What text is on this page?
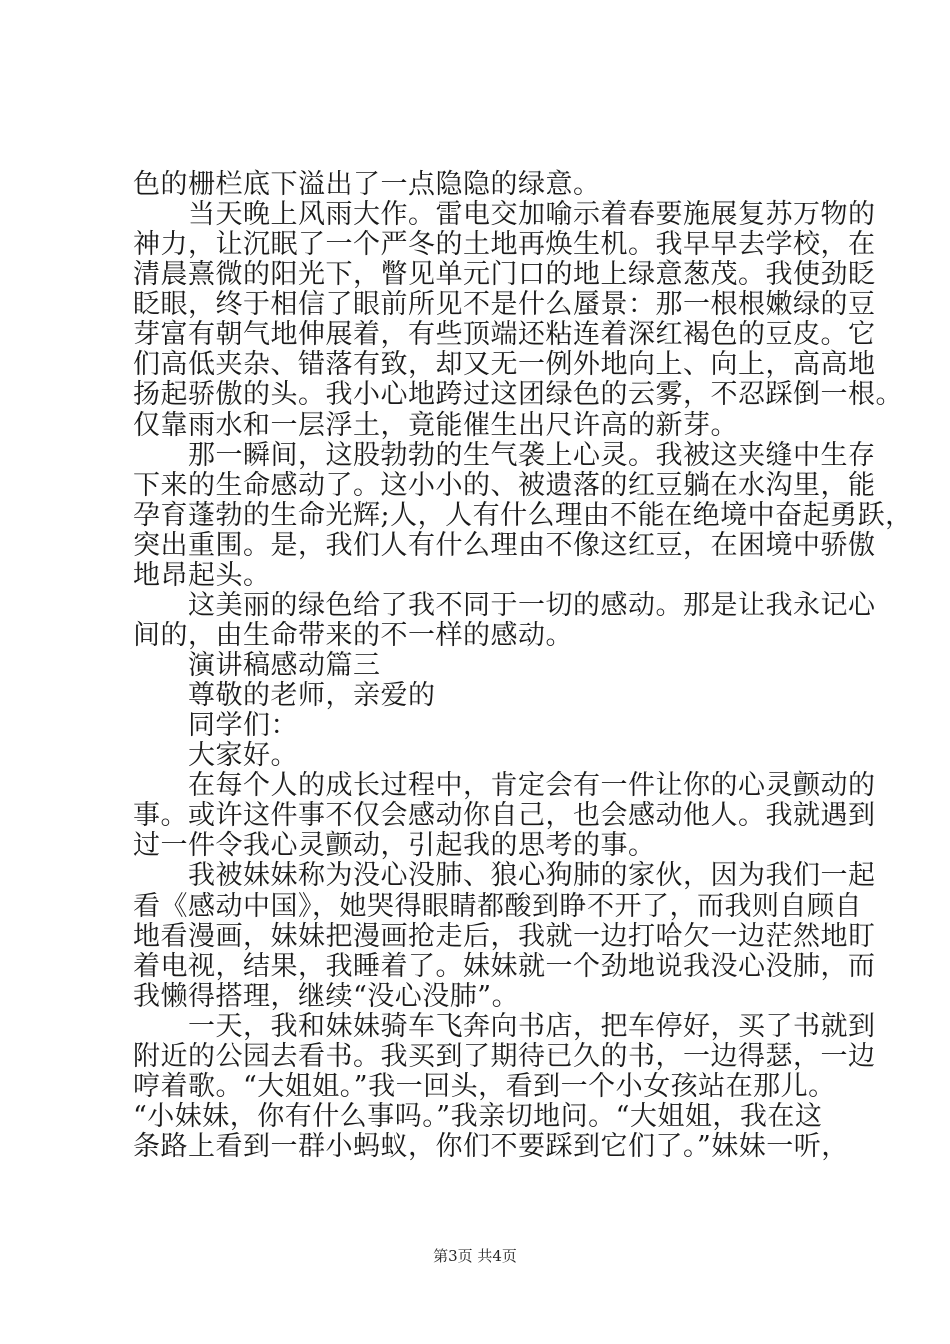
色的栅栏底下溢出了一点隐隐的绿意。
　　当天晚上风雨大作。雷电交加喻示着春要施展复苏万物的
神力，让沉眠了一个严冬的土地再焕生机。我早早去学校，在
清晨熹微的阳光下，瞥见单元门口的地上绿意葱茂。我使劲眨
眨眼，终于相信了眼前所见不是什么蜃景：那一根根嫩绿的豆
芽富有朝气地伸展着，有些顶端还粘连着深红褐色的豆皮。它
们高低夹杂、错落有致，却又无一例外地向上、向上，高高地
扬起骄傲的头。我小心地跨过这团绿色的云雾，不忍踩倒一根。
仅靠雨水和一层浮土，竟能催生出尺许高的新芽。
　　那一瞬间，这股勃勃的生气袭上心灵。我被这夹缝中生存
下来的生命感动了。这小小的、被遗落的红豆躺在水沟里，能
孕育蓬勃的生命光辉;人，人有什么理由不能在绝境中奋起勇跃，
突出重围。是，我们人有什么理由不像这红豆，在困境中骄傲
地昂起头。
　　这美丽的绿色给了我不同于一切的感动。那是让我永记心
间的，由生命带来的不一样的感动。
　　演讲稿感动篇三
　　尊敬的老师，亲爱的
　　同学们：
　　大家好。
　　在每个人的成长过程中，肯定会有一件让你的心灵颤动的
事。或许这件事不仅会感动你自己，也会感动他人。我就遇到
过一件令我心灵颤动，引起我的思考的事。
　　我被妹妹称为没心没肺、狼心狗肺的家伙，因为我们一起
看《感动中国》，她哭得眼睛都酸到睁不开了，而我则自顾自
地看漫画，妹妹把漫画抢走后，我就一边打哈欠一边茫然地盯
着电视，结果，我睡着了。妹妹就一个劲地说我没心没肺，而
我懒得搭理，继续“没心没肺”。
　　一天，我和妹妹骑车飞奔向书店，把车停好，买了书就到
附近的公园去看书。我买到了期待已久的书，一边得瑟，一边
哼着歌。“大姐姐。”我一回头，看到一个小女孩站在那儿。
“小妹妹，你有什么事吗。”我亲切地问。“大姐姐，我在这
条路上看到一群小蚂蚁，你们不要踩到它们了。”妹妹一听，
第3页 共4页
